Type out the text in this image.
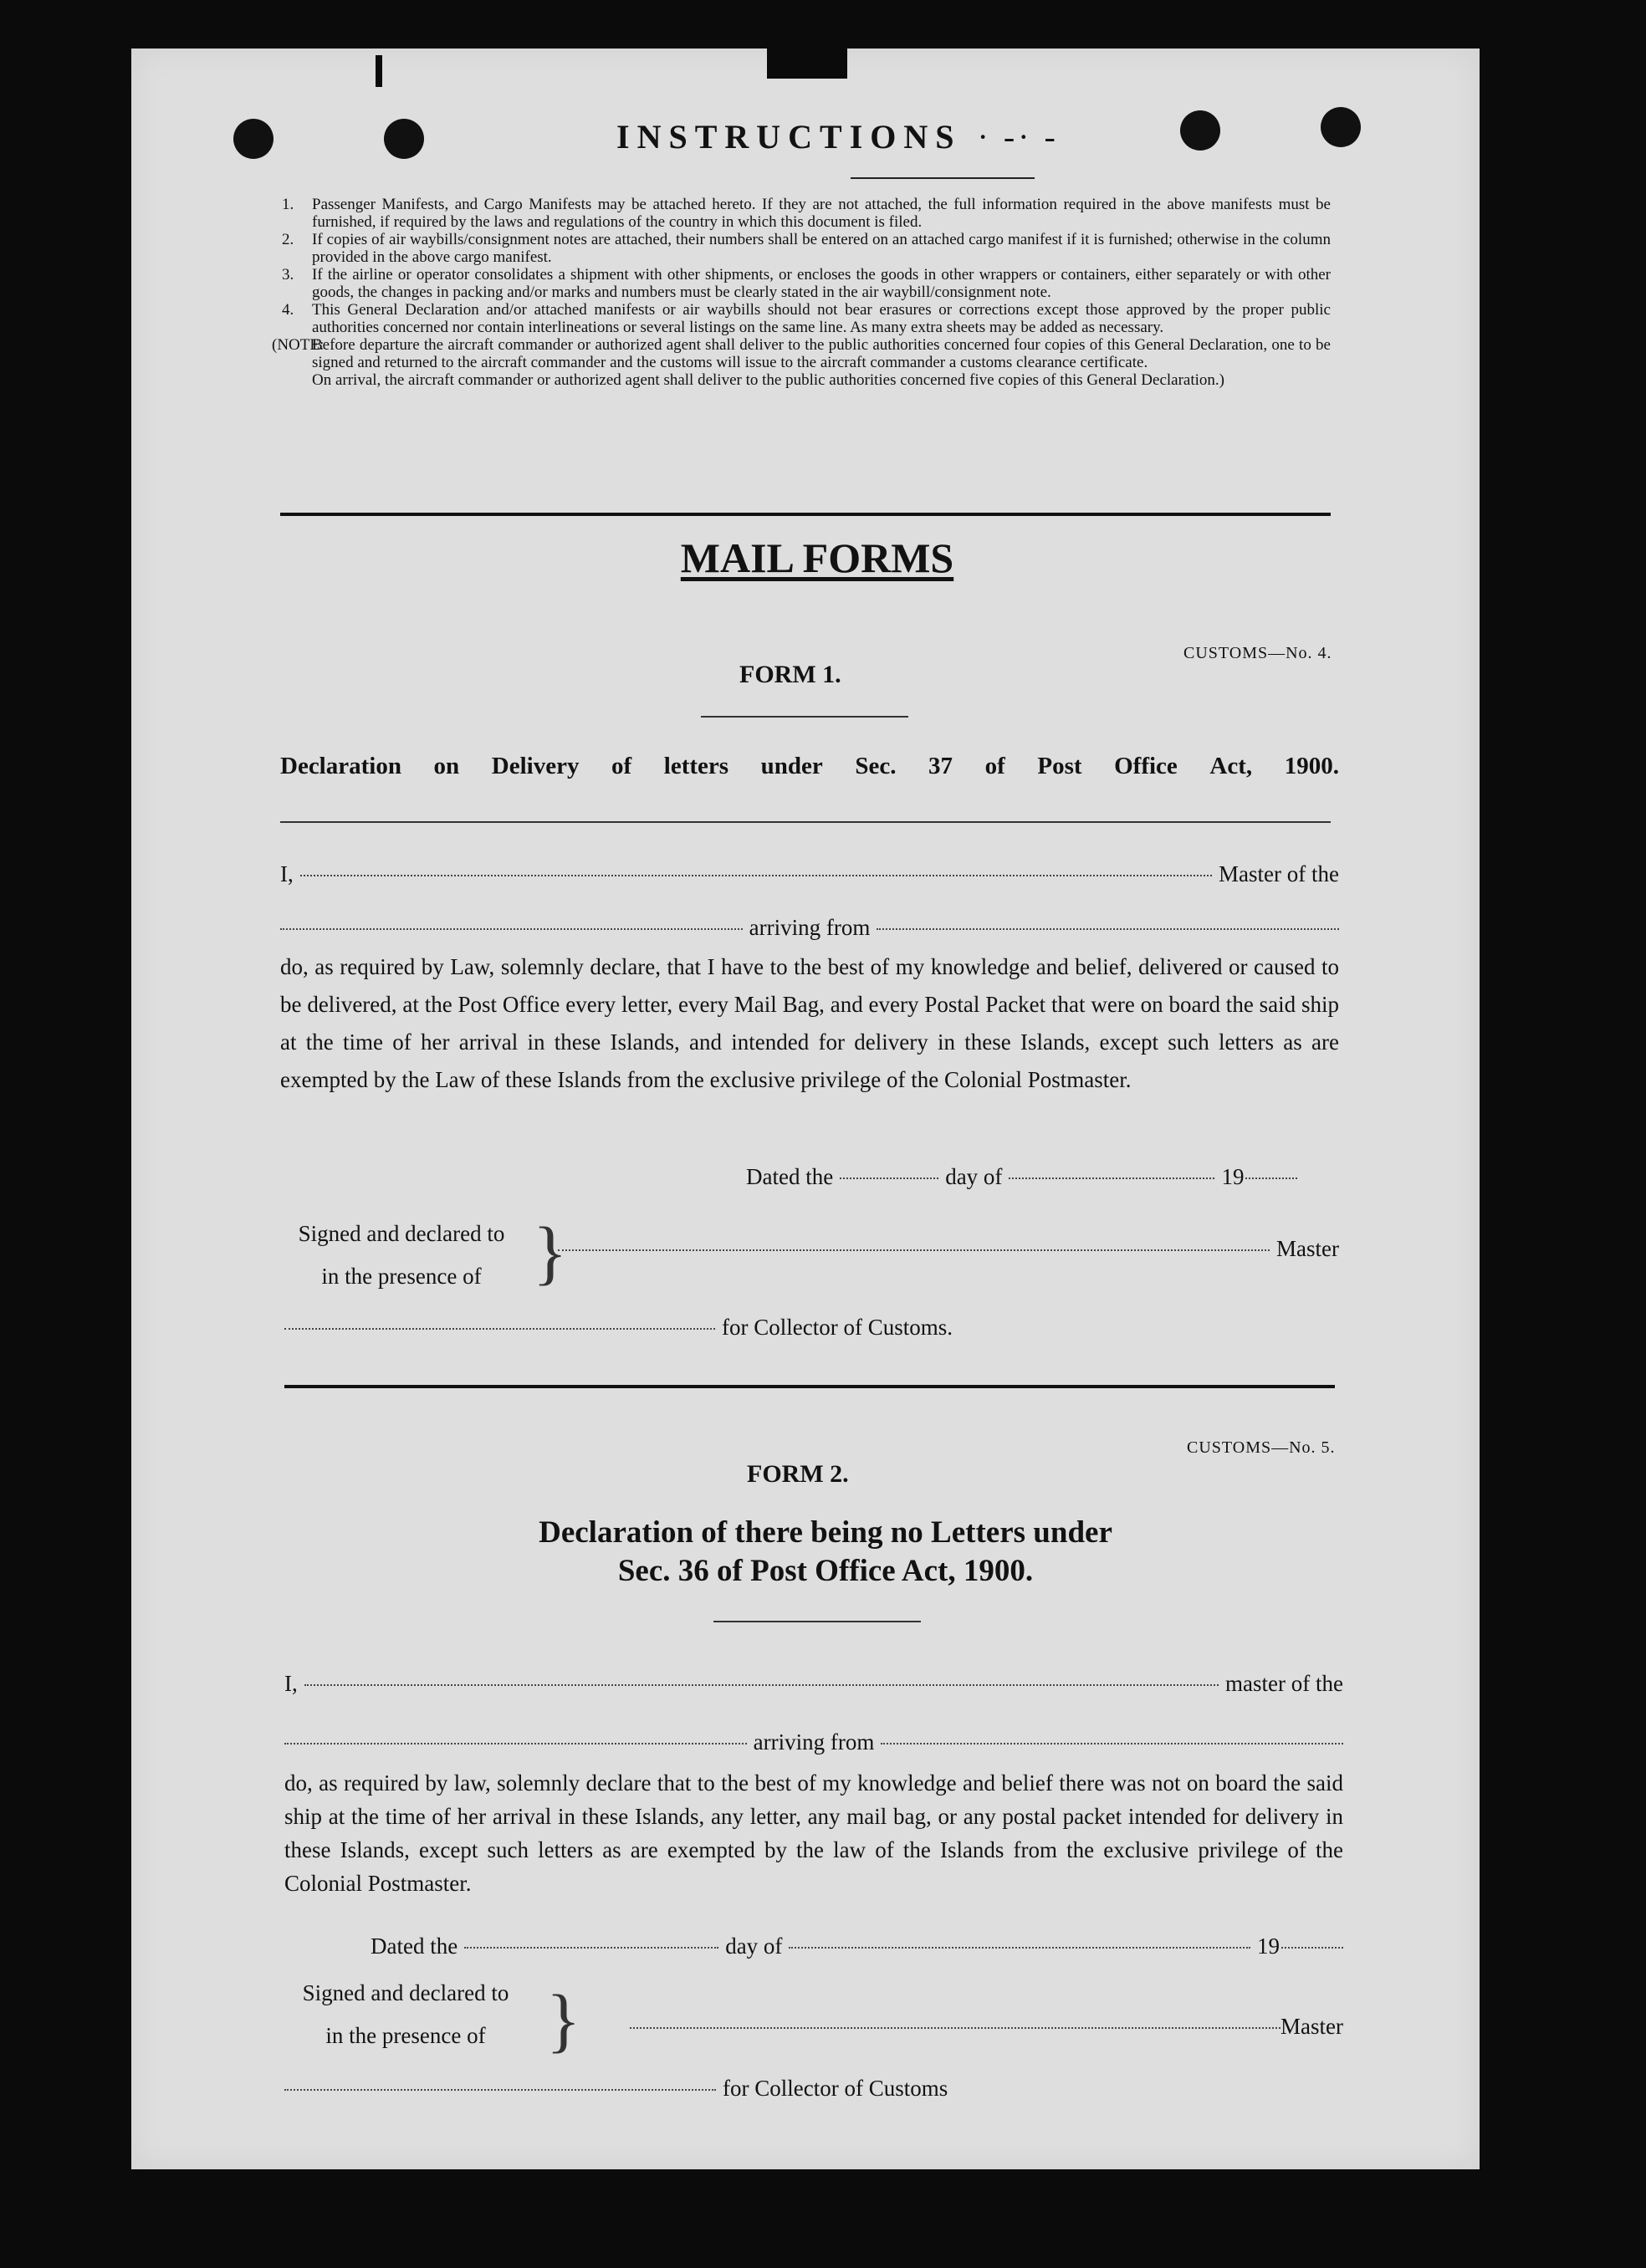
INSTRUCTIONS · -· -
1. Passenger Manifests, and Cargo Manifests may be attached hereto. If they are not attached, the full information required in the above manifests must be furnished, if required by the laws and regulations of the country in which this document is filed.
2. If copies of air waybills/consignment notes are attached, their numbers shall be entered on an attached cargo manifest if it is furnished; otherwise in the column provided in the above cargo manifest.
3. If the airline or operator consolidates a shipment with other shipments, or encloses the goods in other wrappers or containers, either separately or with other goods, the changes in packing and/or marks and numbers must be clearly stated in the air waybill/consignment note.
4. This General Declaration and/or attached manifests or air waybills should not bear erasures or corrections except those approved by the proper public authorities concerned nor contain interlineations or several listings on the same line. As many extra sheets may be added as necessary.
(NOTE:
Before departure the aircraft commander or authorized agent shall deliver to the public authorities concerned four copies of this General Declaration, one to be signed and returned to the aircraft commander and the customs will issue to the aircraft commander a customs clearance certificate.
On arrival, the aircraft commander or authorized agent shall deliver to the public authorities concerned five copies of this General Declaration.)
MAIL FORMS
CUSTOMS—No. 4.
FORM 1.
Declaration on Delivery of letters under Sec. 37 of Post Office Act, 1900.
I,	Master of the
arriving from
do, as required by Law, solemnly declare, that I have to the best of my knowledge and belief, delivered or caused to be delivered, at the Post Office every letter, every Mail Bag, and every Postal Packet that were on board the said ship at the time of her arrival in these Islands, and intended for delivery in these Islands, except such letters as are exempted by the Law of these Islands from the exclusive privilege of the Colonial Postmaster.
Dated the	day of	19
Signed and declared to
in the presence of }	Master
for Collector of Customs.
CUSTOMS—No. 5.
FORM 2.
Declaration of there being no Letters under
Sec. 36 of Post Office Act, 1900.
I,	master of the
arriving from
do, as required by law, solemnly declare that to the best of my knowledge and belief there was not on board the said ship at the time of her arrival in these Islands, any letter, any mail bag, or any postal packet intended for delivery in these Islands, except such letters as are exempted by the law of the Islands from the exclusive privilege of the Colonial Postmaster.
Dated the	day of	19
Signed and declared to
in the presence of }	Master
for Collector of Customs
